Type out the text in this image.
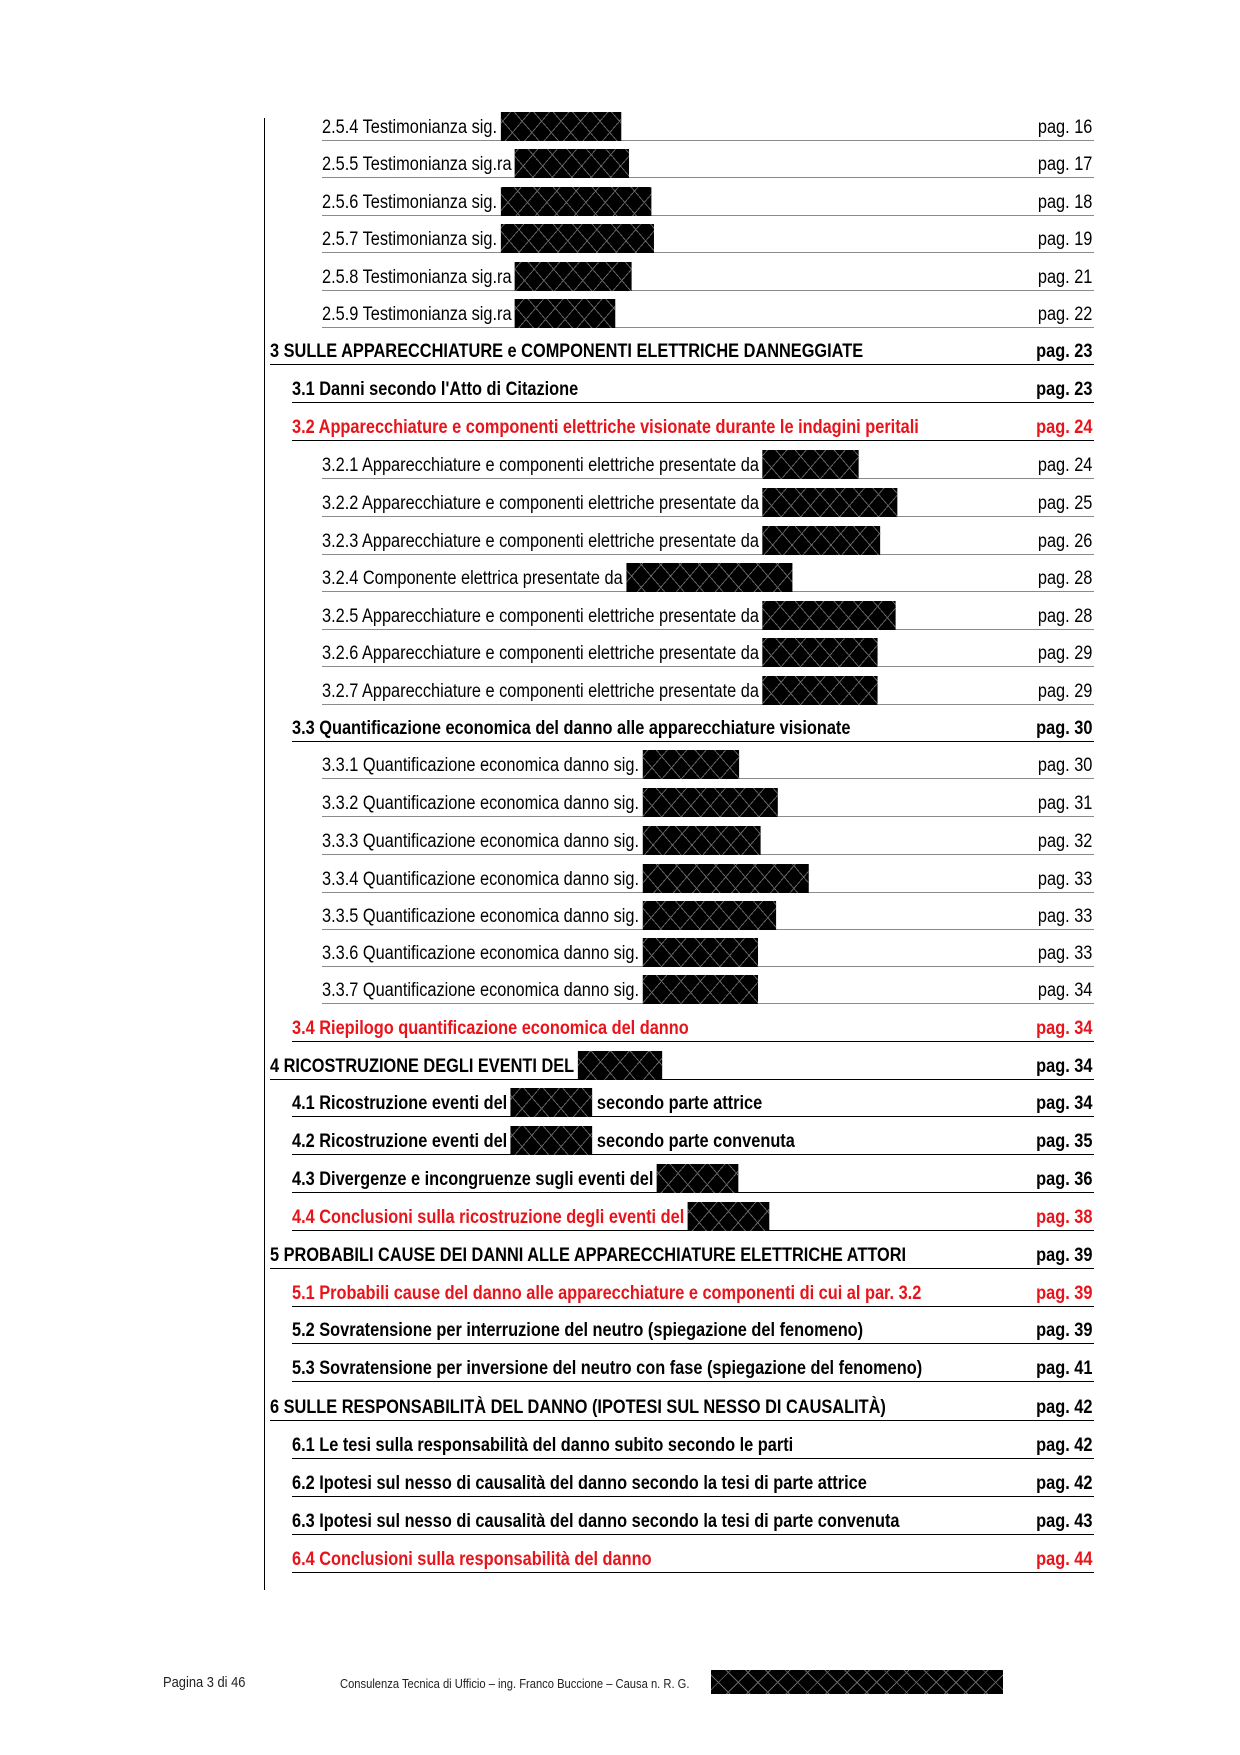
2.5.4 Testimonianza sig.	pag. 16
2.5.5 Testimonianza sig.ra	pag. 17
2.5.6 Testimonianza sig.	pag. 18
2.5.7 Testimonianza sig.	pag. 19
2.5.8 Testimonianza sig.ra	pag. 21
2.5.9 Testimonianza sig.ra	pag. 22
3 SULLE APPARECCHIATURE e COMPONENTI ELETTRICHE DANNEGGIATE	pag. 23
3.1 Danni secondo l'Atto di Citazione	pag. 23
3.2 Apparecchiature e componenti elettriche visionate durante le indagini peritali	pag. 24
3.2.1 Apparecchiature e componenti elettriche presentate da	pag. 24
3.2.2 Apparecchiature e componenti elettriche presentate da	pag. 25
3.2.3 Apparecchiature e componenti elettriche presentate da	pag. 26
3.2.4 Componente elettrica presentate da	pag. 28
3.2.5 Apparecchiature e componenti elettriche presentate da	pag. 28
3.2.6 Apparecchiature e componenti elettriche presentate da	pag. 29
3.2.7 Apparecchiature e componenti elettriche presentate da	pag. 29
3.3 Quantificazione economica del danno alle apparecchiature visionate	pag. 30
3.3.1 Quantificazione economica danno sig.	pag. 30
3.3.2 Quantificazione economica danno sig.	pag. 31
3.3.3 Quantificazione economica danno sig.	pag. 32
3.3.4 Quantificazione economica danno sig.	pag. 33
3.3.5 Quantificazione economica danno sig.	pag. 33
3.3.6 Quantificazione economica danno sig.	pag. 33
3.3.7 Quantificazione economica danno sig.	pag. 34
3.4 Riepilogo quantificazione economica del danno	pag. 34
4 RICOSTRUZIONE DEGLI EVENTI DEL	pag. 34
4.1 Ricostruzione eventi del	secondo parte attrice	pag. 34
4.2 Ricostruzione eventi del	secondo parte convenuta	pag. 35
4.3 Divergenze e incongruenze sugli eventi del	pag. 36
4.4 Conclusioni sulla ricostruzione degli eventi del	pag. 38
5 PROBABILI CAUSE DEI DANNI ALLE APPARECCHIATURE ELETTRICHE ATTORI	pag. 39
5.1 Probabili cause del danno alle apparecchiature e componenti di cui al par. 3.2	pag. 39
5.2 Sovratensione per interruzione del neutro (spiegazione del fenomeno)	pag. 39
5.3 Sovratensione per inversione del neutro con fase (spiegazione del fenomeno)	pag. 41
6 SULLE RESPONSABILITÀ DEL DANNO (IPOTESI SUL NESSO DI CAUSALITÀ)	pag. 42
6.1 Le tesi sulla responsabilità del danno subito secondo le parti	pag. 42
6.2 Ipotesi sul nesso di causalità del danno secondo la tesi di parte attrice	pag. 42
6.3 Ipotesi sul nesso di causalità del danno secondo la tesi di parte convenuta	pag. 43
6.4 Conclusioni sulla responsabilità del danno	pag. 44
Pagina 3 di 46	Consulenza Tecnica di Ufficio – ing. Franco Buccione – Causa n. R. G.
